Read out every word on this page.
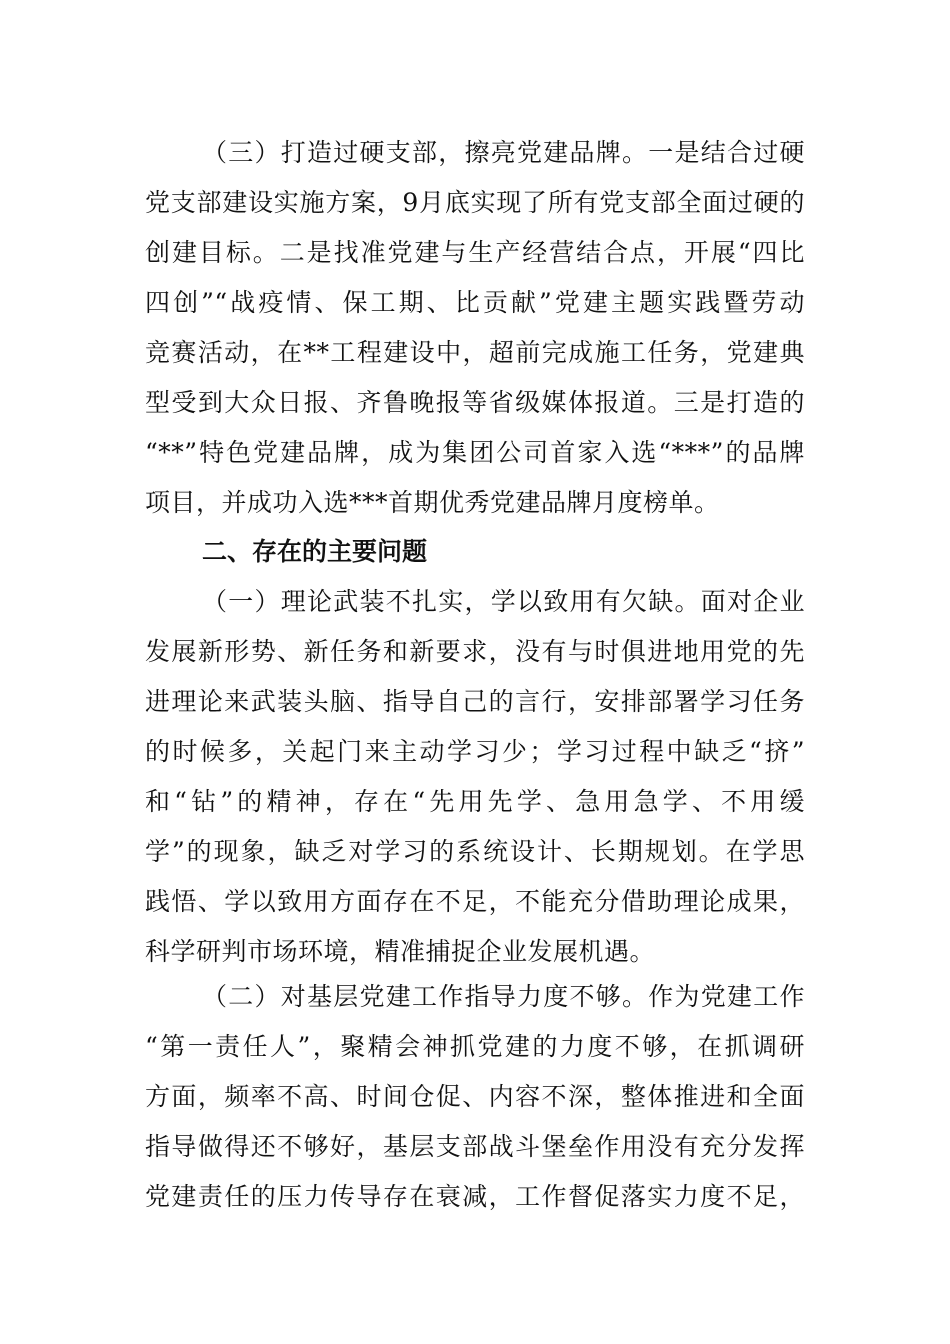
（三）打造过硬支部，擦亮党建品牌。一是结合过硬
党支部建设实施方案，9月底实现了所有党支部全面过硬的
创建目标。二是找准党建与生产经营结合点，开展“四比
四创”“战疫情、保工期、比贡献”党建主题实践暨劳动
竞赛活动，在**工程建设中，超前完成施工任务，党建典
型受到大众日报、齐鲁晚报等省级媒体报道。三是打造的
“**”特色党建品牌，成为集团公司首家入选“***”的品牌
项目，并成功入选***首期优秀党建品牌月度榜单。
二、存在的主要问题
（一）理论武装不扎实，学以致用有欠缺。面对企业
发展新形势、新任务和新要求，没有与时俱进地用党的先
进理论来武装头脑、指导自己的言行，安排部署学习任务
的时候多，关起门来主动学习少；学习过程中缺乏“挤”
和“钻”的精神，存在“先用先学、急用急学、不用缓
学”的现象，缺乏对学习的系统设计、长期规划。在学思
践悟、学以致用方面存在不足，不能充分借助理论成果，
科学研判市场环境，精准捕捉企业发展机遇。
（二）对基层党建工作指导力度不够。作为党建工作
“第一责任人”，聚精会神抓党建的力度不够，在抓调研
方面，频率不高、时间仓促、内容不深，整体推进和全面
指导做得还不够好，基层支部战斗堡垒作用没有充分发挥
党建责任的压力传导存在衰减，工作督促落实力度不足，
